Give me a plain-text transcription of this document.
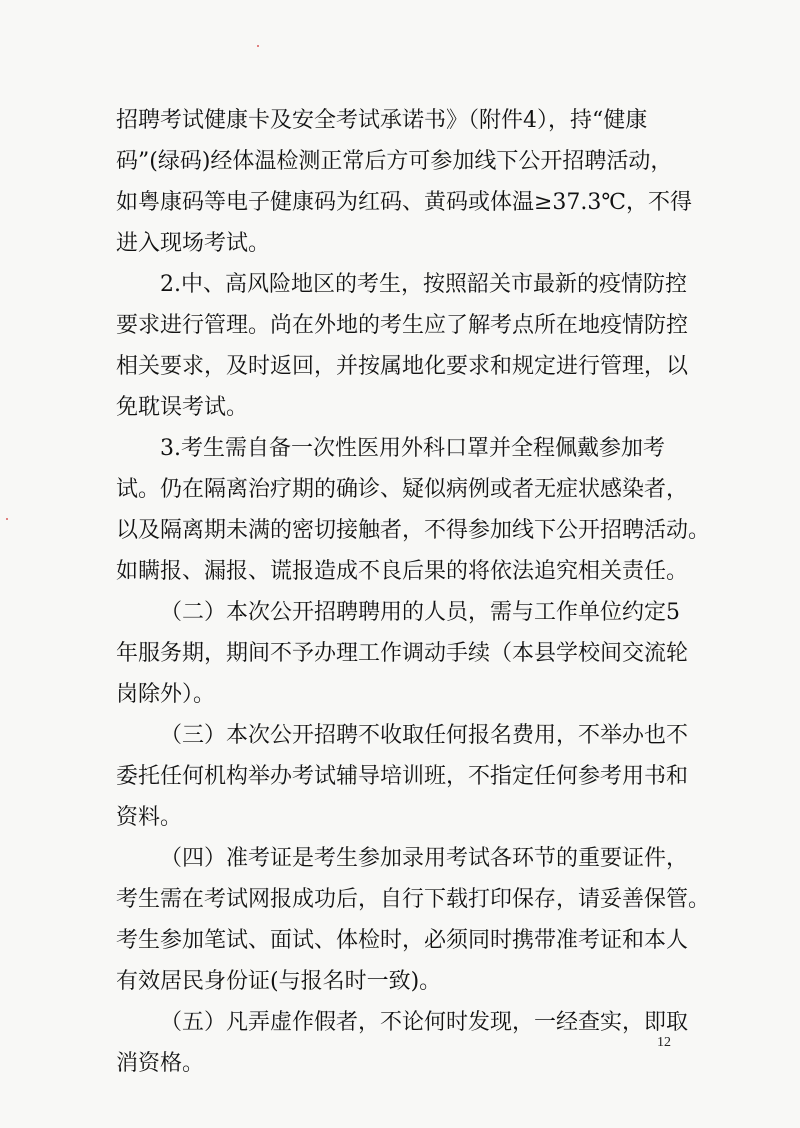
招聘考试健康卡及安全考试承诺书》（附件4），持“健康
码”(绿码)经体温检测正常后方可参加线下公开招聘活动，
如粤康码等电子健康码为红码、黄码或体温≥37.3℃，不得
进入现场考试。
2.中、高风险地区的考生，按照韶关市最新的疫情防控
要求进行管理。尚在外地的考生应了解考点所在地疫情防控
相关要求，及时返回，并按属地化要求和规定进行管理，以
免耽误考试。
3.考生需自备一次性医用外科口罩并全程佩戴参加考
试。仍在隔离治疗期的确诊、疑似病例或者无症状感染者，
以及隔离期未满的密切接触者，不得参加线下公开招聘活动。
如瞒报、漏报、谎报造成不良后果的将依法追究相关责任。
（二）本次公开招聘聘用的人员，需与工作单位约定5
年服务期，期间不予办理工作调动手续（本县学校间交流轮
岗除外）。
（三）本次公开招聘不收取任何报名费用，不举办也不
委托任何机构举办考试辅导培训班，不指定任何参考用书和
资料。
（四）准考证是考生参加录用考试各环节的重要证件，
考生需在考试网报成功后，自行下载打印保存，请妥善保管。
考生参加笔试、面试、体检时，必须同时携带准考证和本人
有效居民身份证(与报名时一致)。
（五）凡弄虚作假者，不论何时发现，一经查实，即取
消资格。
12
